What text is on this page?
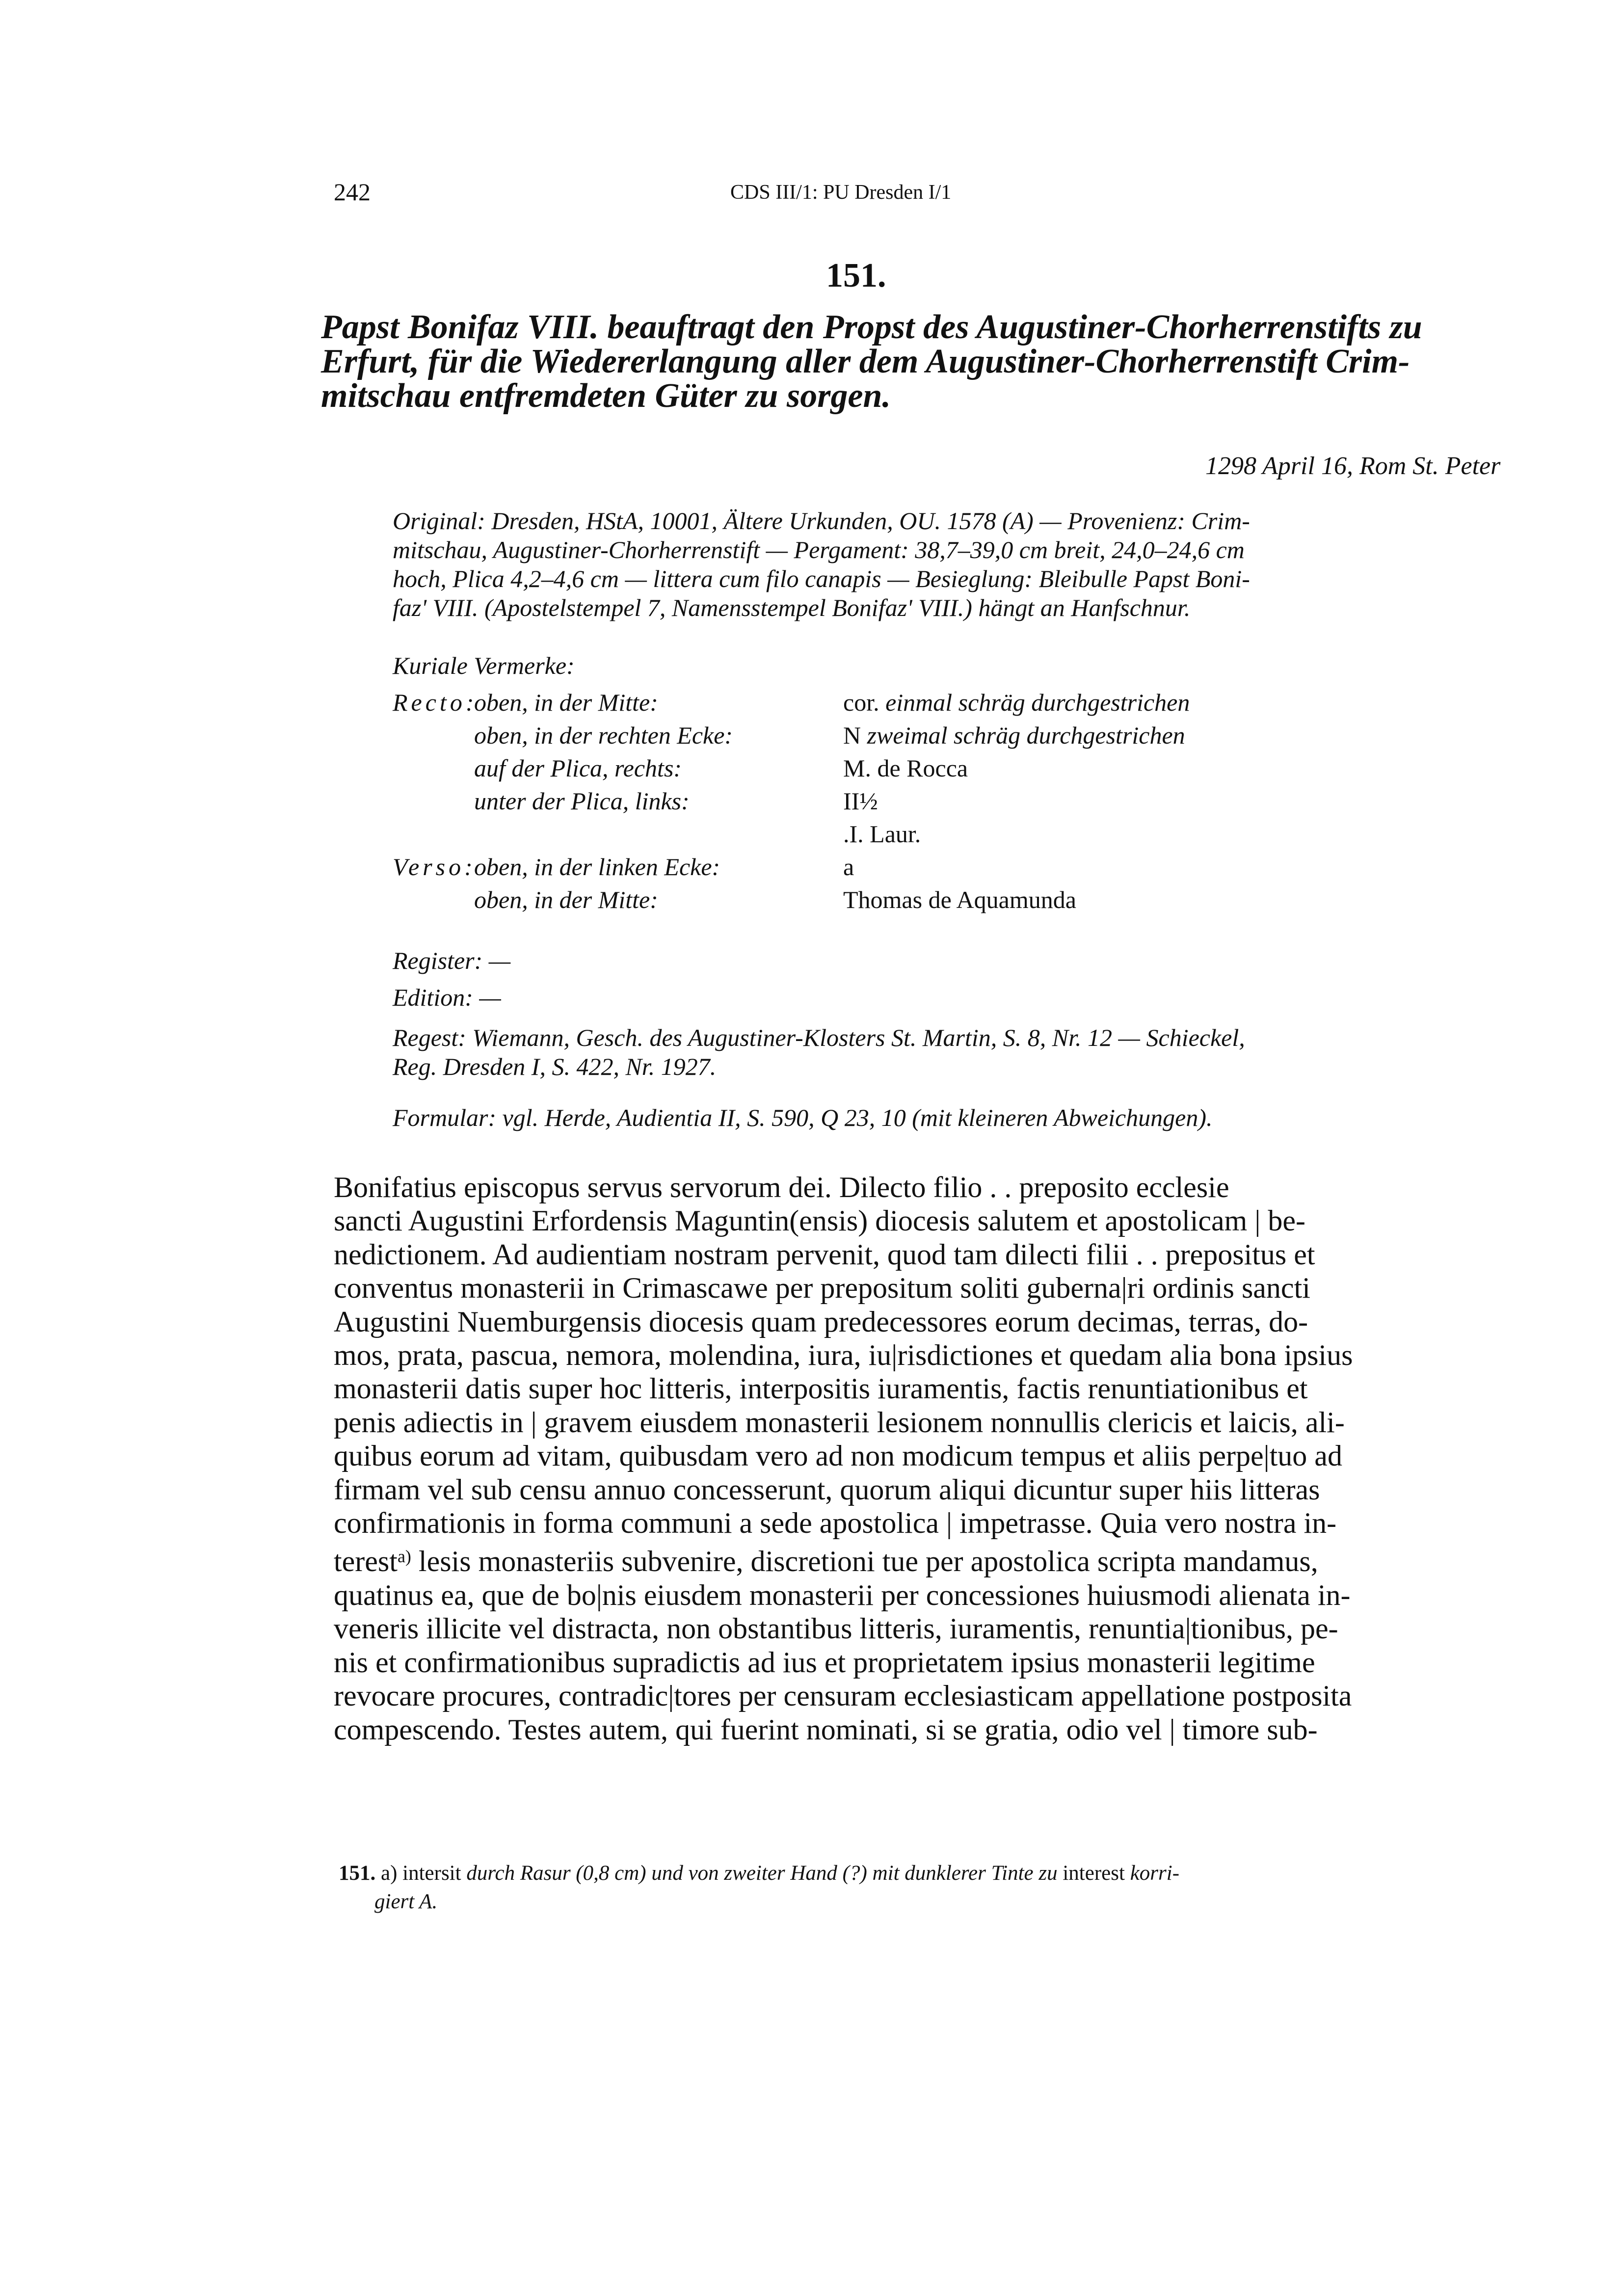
242	CDS III/1: PU Dresden I/1
151.
Papst Bonifaz VIII. beauftragt den Propst des Augustiner-Chorherrenstifts zu
Erfurt, für die Wiedererlangung aller dem Augustiner-Chorherrenstift Crim-
mitschau entfremdeten Güter zu sorgen.
1298 April 16, Rom St. Peter
Original: Dresden, HStA, 10001, Ältere Urkunden, OU. 1578 (A) — Provenienz: Crim-
mitschau, Augustiner-Chorherrenstift — Pergament: 38,7–39,0 cm breit, 24,0–24,6 cm
hoch, Plica 4,2–4,6 cm — littera cum filo canapis — Besieglung: Bleibulle Papst Boni-
faz' VIII. (Apostelstempel 7, Namensstempel Bonifaz' VIII.) hängt an Hanfschnur.
Kuriale Vermerke:
Recto:
oben, in der Mitte:	cor. einmal schräg durchgestrichen
oben, in der rechten Ecke:	N zweimal schräg durchgestrichen
auf der Plica, rechts:	M. de Rocca
unter der Plica, links:	II½
.I. Laur.
Verso:
oben, in der linken Ecke:	a
oben, in der Mitte:	Thomas de Aquamunda
Register: —
Edition: —
Regest: Wiemann, Gesch. des Augustiner-Klosters St. Martin, S. 8, Nr. 12 — Schieckel,
Reg. Dresden I, S. 422, Nr. 1927.
Formular: vgl. Herde, Audientia II, S. 590, Q 23, 10 (mit kleineren Abweichungen).
Bonifatius episcopus servus servorum dei. Dilecto filio . . preposito ecclesie
sancti Augustini Erfordensis Maguntin(ensis) diocesis salutem et apostolicam | be-
nedictionem. Ad audientiam nostram pervenit, quod tam dilecti filii . . prepositus et
conventus monasterii in Crimascawe per prepositum soliti guberna|ri ordinis sancti
Augustini Nuemburgensis diocesis quam predecessores eorum decimas, terras, do-
mos, prata, pascua, nemora, molendina, iura, iu|risdictiones et quedam alia bona ipsius
monasterii datis super hoc litteris, interpositis iuramentis, factis renuntiationibus et
penis adiectis in | gravem eiusdem monasterii lesionem nonnullis clericis et laicis, ali-
quibus eorum ad vitam, quibusdam vero ad non modicum tempus et aliis perpe|tuo ad
firmam vel sub censu annuo concesserunt, quorum aliqui dicuntur super hiis litteras
confirmationis in forma communi a sede apostolica | impetrasse. Quia vero nostra in-
terest$^{a)}$ lesis monasteriis subvenire, discretioni tue per apostolica scripta mandamus,
quatinus ea, que de bo|nis eiusdem monasterii per concessiones huiusmodi alienata in-
veneris illicite vel distracta, non obstantibus litteris, iuramentis, renuntia|tionibus, pe-
nis et confirmationibus supradictis ad ius et proprietatem ipsius monasterii legitime
revocare procures, contradic|tores per censuram ecclesiasticam appellatione postposita
compescendo. Testes autem, qui fuerint nominati, si se gratia, odio vel | timore sub-
151. a) intersit durch Rasur (0,8 cm) und von zweiter Hand (?) mit dunklerer Tinte zu interest korri-
giert A.
